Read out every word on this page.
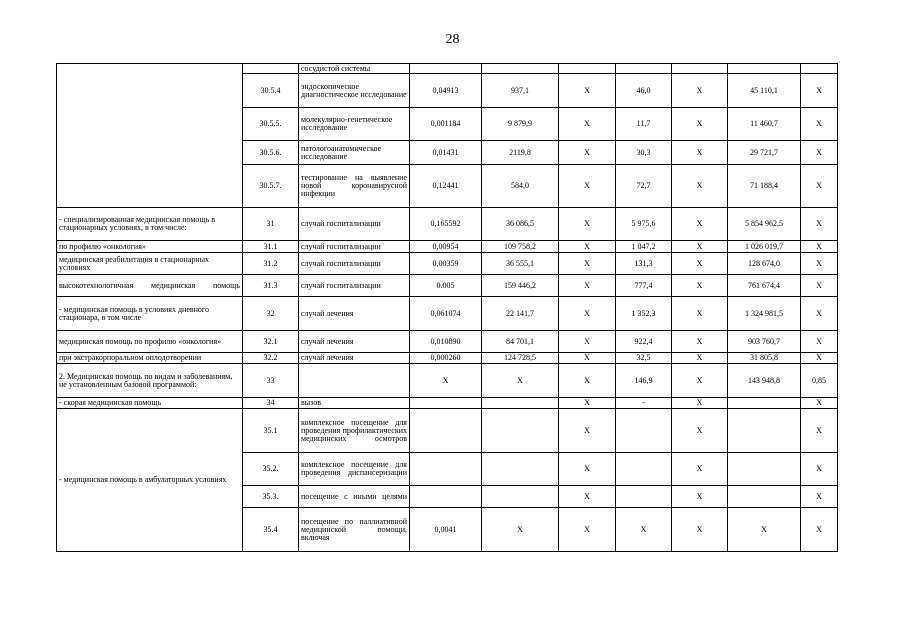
28
		сосудистой системы							
	30.5.4	эндоскопическое диагностическое исследование	0,04913	937,1	X	46,0	X	45 110,1	X
	30.5.5.	молекулярно-генетическое исследование	0,001184	9 879,9	X	11,7	X	11 460,7	X
	30.5.6.	патологоанатомическое исследование	0,01431	2119,8	X	30,3	X	29 721,7	X
	30.5.7.	тестирование на выявление новой коронавирусной инфекции	0,12441	584,0	X	72,7	X	71 188,4	X
- специализированная медицинская помощь в стационарных условиях, в том числе:	31	случай госпитализации	0,165592	36 086,5	X	5 975,6	X	5 854 962,5	X
по профилю «онкология»	31.1	случай госпитализации	0,00954	109 758,2	X	1 047,2	X	1 026 019,7	X
медицинская реабилитация в стационарных условиях	31.2	случай госпитализации	0,00359	36 555,1	X	131,3	X	128 674,0	X
высокотехнологичная медицинская помощь	31.3	случай госпитализации	0.005	159 446,2	X	777,4	X	761 674,4	X
- медицинская помощь в условиях дневного стационара, в том числе	32	случай лечения	0,061074	22 141,7	X	1 352,3	X	1 324 981,5	X
медицинская помощь по профилю «онкология»	32.1	случай лечения	0,010890	84 701,1	X	922,4	X	903 760,7	X
при экстракорпоральном оплодотворении	32.2	случай лечения	0,000260	124 728,5	X	32,5	X	31 805,8	X
2. Медицинская помощь по видам и заболеваниям, не установленным базовой программой:	33		X	X	X	146,9	X	143 948,8	0,85
- скорая медицинская помощь	34	вызов			X	-	X		X
- медицинская помощь в амбулаторных условиях	35.1	комплексное посещение для проведения профилактических медицинских осмотров			X		X		X
	35.2.	комплексное посещение для проведения диспансеризации			X		X		X
	35.3.	посещение с иными целями			X		X		X
	35.4	посещение по паллиативной медицинской помощи, включая	0,0041	X	X	X	X	X	X
